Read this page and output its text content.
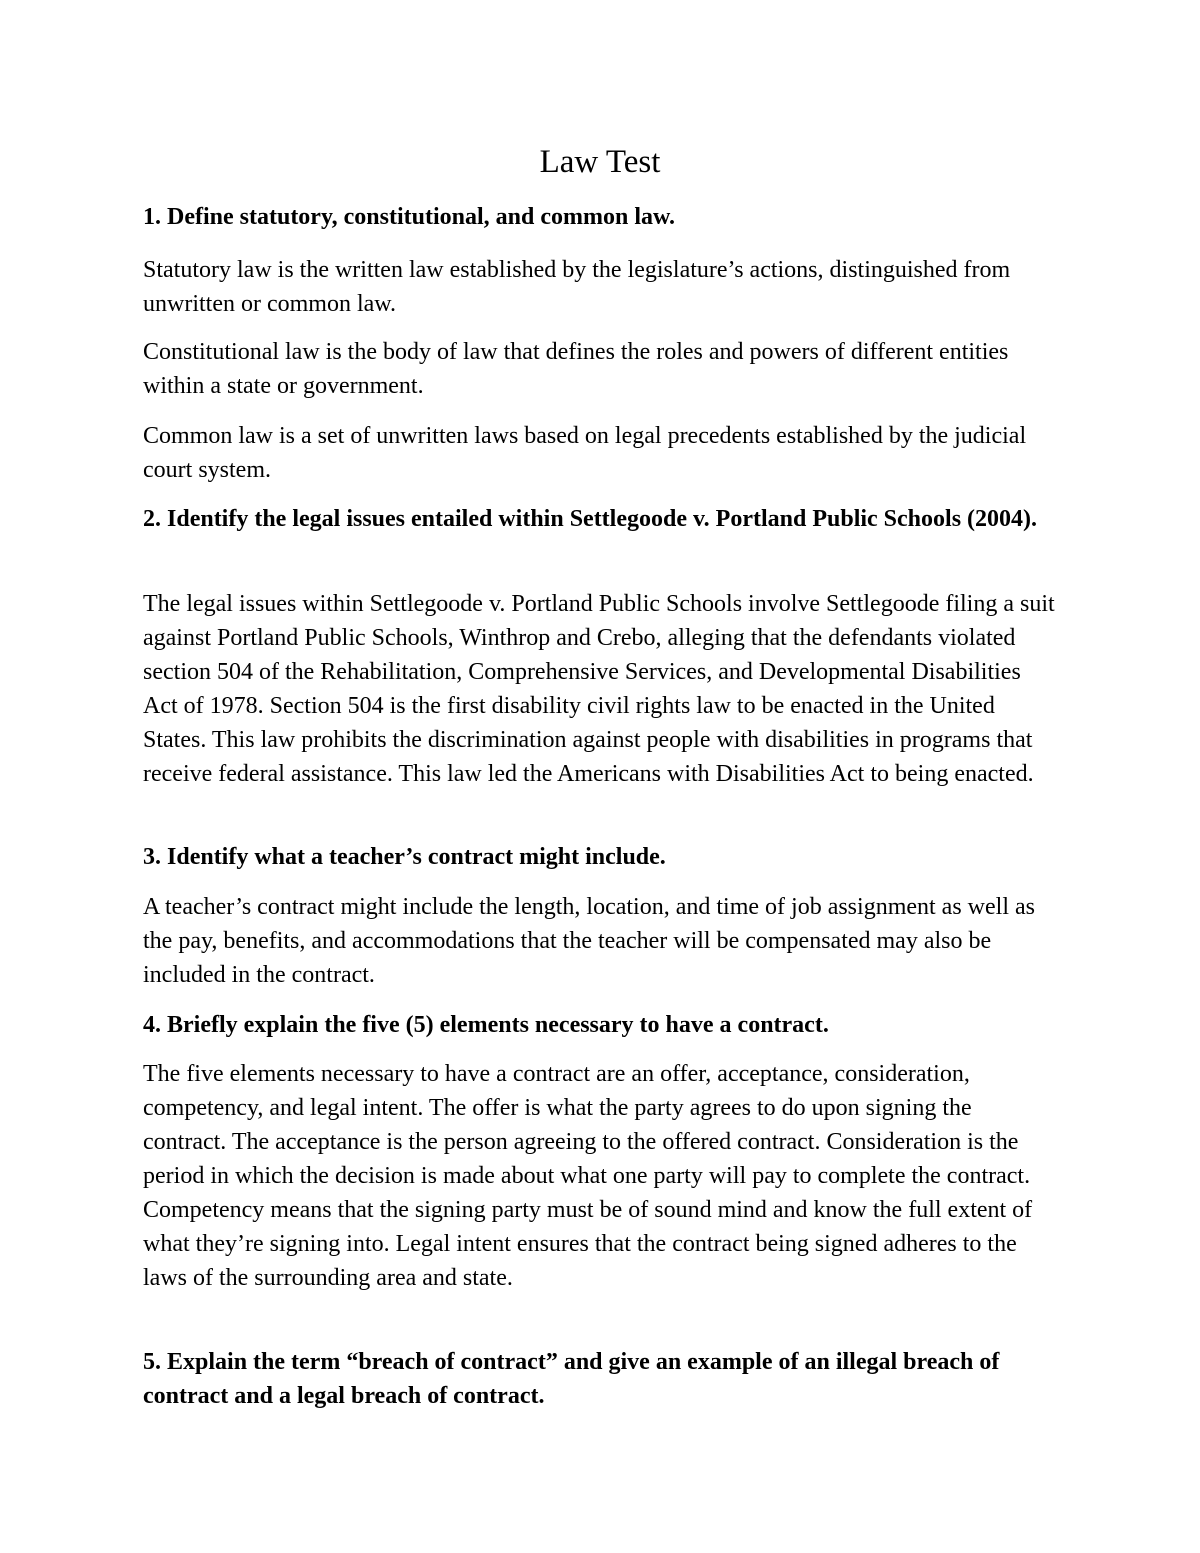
Law Test

1. Define statutory, constitutional, and common law.

Statutory law is the written law established by the legislature’s actions, distinguished from unwritten or common law.

Constitutional law is the body of law that defines the roles and powers of different entities within a state or government.

Common law is a set of unwritten laws based on legal precedents established by the judicial court system.

2. Identify the legal issues entailed within Settlegoode v. Portland Public Schools (2004).

The legal issues within Settlegoode v. Portland Public Schools involve Settlegoode filing a suit against Portland Public Schools, Winthrop and Crebo, alleging that the defendants violated section 504 of the Rehabilitation, Comprehensive Services, and Developmental Disabilities Act of 1978. Section 504 is the first disability civil rights law to be enacted in the United States. This law prohibits the discrimination against people with disabilities in programs that receive federal assistance. This law led the Americans with Disabilities Act to being enacted.

3. Identify what a teacher’s contract might include.

A teacher’s contract might include the length, location, and time of job assignment as well as the pay, benefits, and accommodations that the teacher will be compensated may also be included in the contract.

4. Briefly explain the five (5) elements necessary to have a contract.

The five elements necessary to have a contract are an offer, acceptance, consideration, competency, and legal intent. The offer is what the party agrees to do upon signing the contract. The acceptance is the person agreeing to the offered contract. Consideration is the period in which the decision is made about what one party will pay to complete the contract. Competency means that the signing party must be of sound mind and know the full extent of what they’re signing into. Legal intent ensures that the contract being signed adheres to the laws of the surrounding area and state.

5. Explain the term “breach of contract” and give an example of an illegal breach of contract and a legal breach of contract.
